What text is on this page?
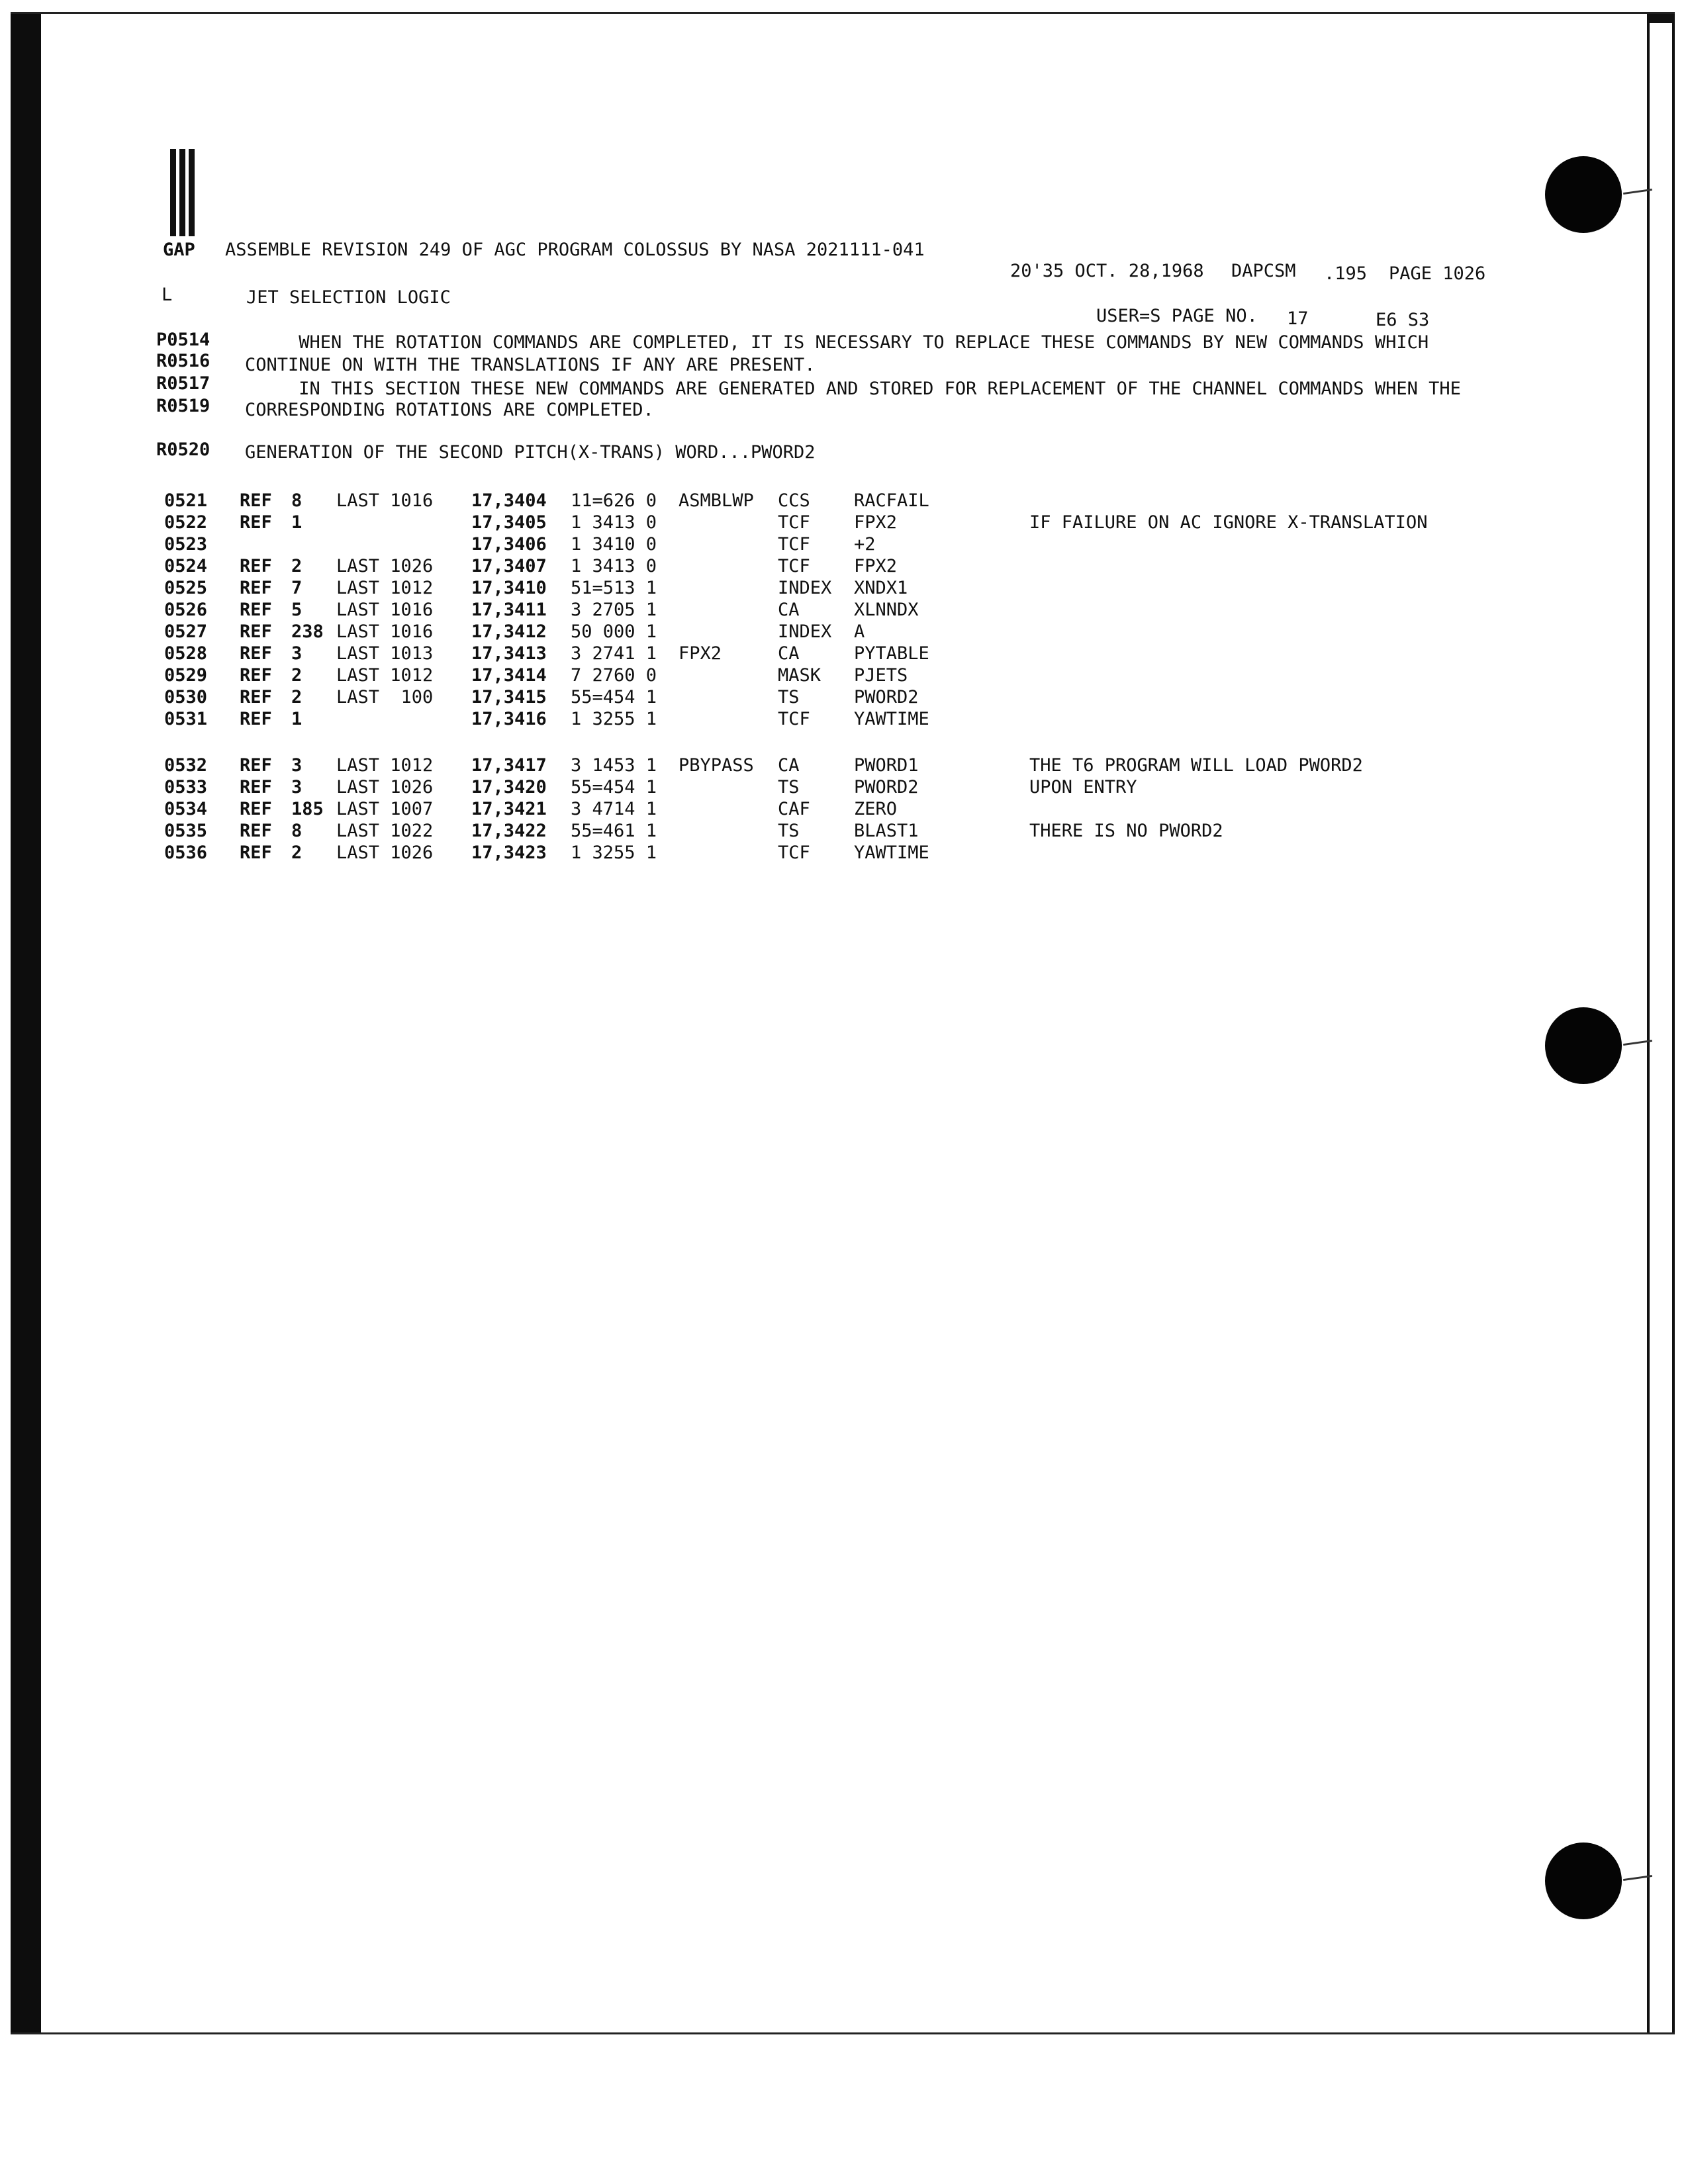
GAP ASSEMBLE REVISION 249 OF AGC PROGRAM COLOSSUS BY NASA 2021111-041
20'35 OCT. 28,1968 DAPCSM .195 PAGE 1026
L	JET SELECTION LOGIC
USER=S PAGE NO. 17	E6 S3
P0514 WHEN THE ROTATION COMMANDS ARE COMPLETED, IT IS NECESSARY TO REPLACE THESE COMMANDS BY NEW COMMANDS WHICH
R0516 CONTINUE ON WITH THE TRANSLATIONS IF ANY ARE PRESENT.
R0517 IN THIS SECTION THESE NEW COMMANDS ARE GENERATED AND STORED FOR REPLACEMENT OF THE CHANNEL COMMANDS WHEN THE
R0519 CORRESPONDING ROTATIONS ARE COMPLETED.
R0520 GENERATION OF THE SECOND PITCH(X-TRANS) WORD...PWORD2
0521 REF 8 LAST 1016 17,3404 11=626 0 ASMBLWP CCS RACFAIL
0522 REF 1	17,3405 1 3413 0	TCF FPX2	IF FAILURE ON AC IGNORE X-TRANSLATION
0523	17,3406 1 3410 0	TCF +2
0524 REF 2 LAST 1026 17,3407 1 3413 0	TCF FPX2
0525 REF 7 LAST 1012 17,3410 51=513 1	INDEX XNDX1
0526 REF 5 LAST 1016 17,3411 3 2705 1	CA	XLNNDX
0527 REF 238 LAST 1016 17,3412 50 000 1	INDEX A
0528 REF 3 LAST 1013 17,3413 3 2741 1 FPX2	CA	PYTABLE
0529 REF 2 LAST 1012 17,3414 7 2760 0	MASK PJETS
0530 REF 2 LAST  100 17,3415 55=454 1	TS	PWORD2
0531 REF 1	17,3416 1 3255 1	TCF YAWTIME
0532 REF 3 LAST 1012 17,3417 3 1453 1 PBYPASS CA	PWORD1	THE T6 PROGRAM WILL LOAD PWORD2
0533 REF 3 LAST 1026 17,3420 55=454 1	TS	PWORD2	UPON ENTRY
0534 REF 185 LAST 1007 17,3421 3 4714 1	CAF ZERO
0535 REF 8 LAST 1022 17,3422 55=461 1	TS	BLAST1	THERE IS NO PWORD2
0536 REF 2 LAST 1026 17,3423 1 3255 1	TCF YAWTIME
